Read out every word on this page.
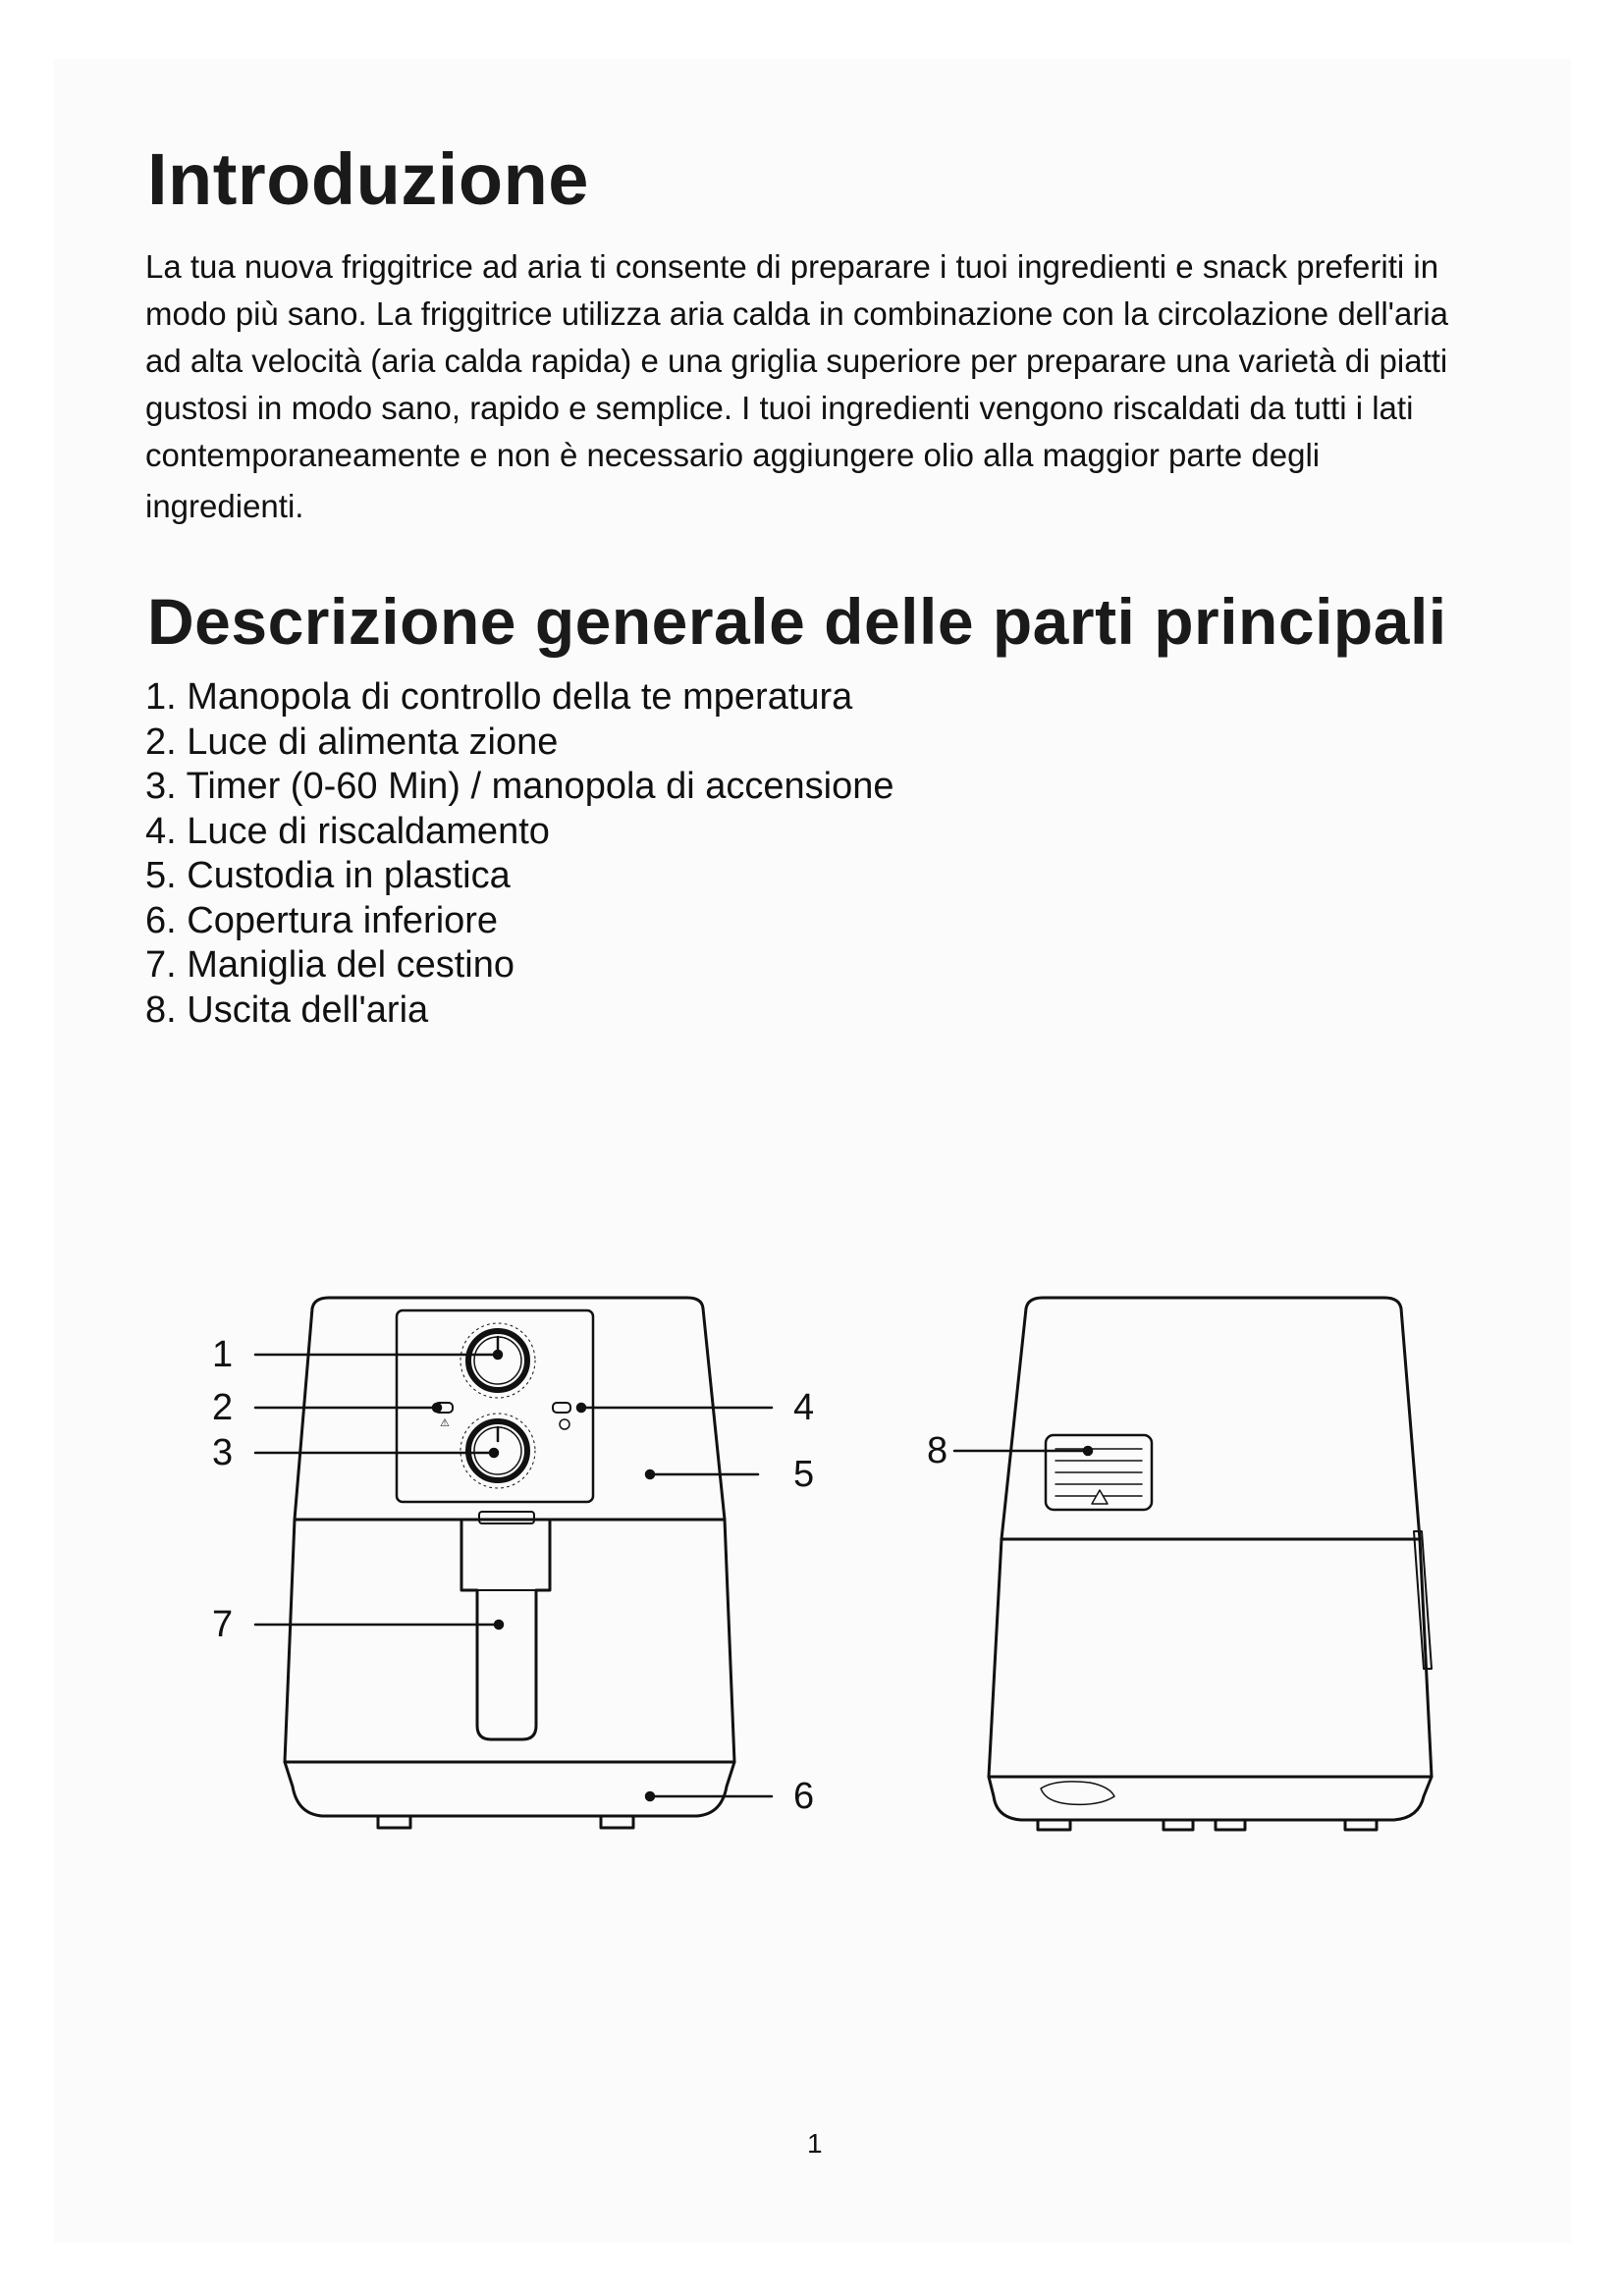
Introduzione
La tua nuova friggitrice ad aria ti consente di preparare i tuoi ingredienti e snack preferiti in
modo più sano. La friggitrice utilizza aria calda in combinazione con la circolazione dell'aria
ad alta velocità (aria calda rapida) e una griglia superiore per preparare una varietà di piatti
gustosi in modo sano, rapido e semplice. I tuoi ingredienti vengono riscaldati da tutti i lati
contemporaneamente e non è necessario aggiungere olio alla maggior parte degli
ingredienti.
Descrizione generale delle parti principali
1. Manopola di controllo della te mperatura
2. Luce di alimenta zione
3. Timer (0-60 Min) / manopola di accensione
4. Luce di riscaldamento
5. Custodia in plastica
6. Copertura inferiore
7. Maniglia del cestino
8. Uscita dell'aria
⚠
1
2
3
4
5
6
7
8
1
